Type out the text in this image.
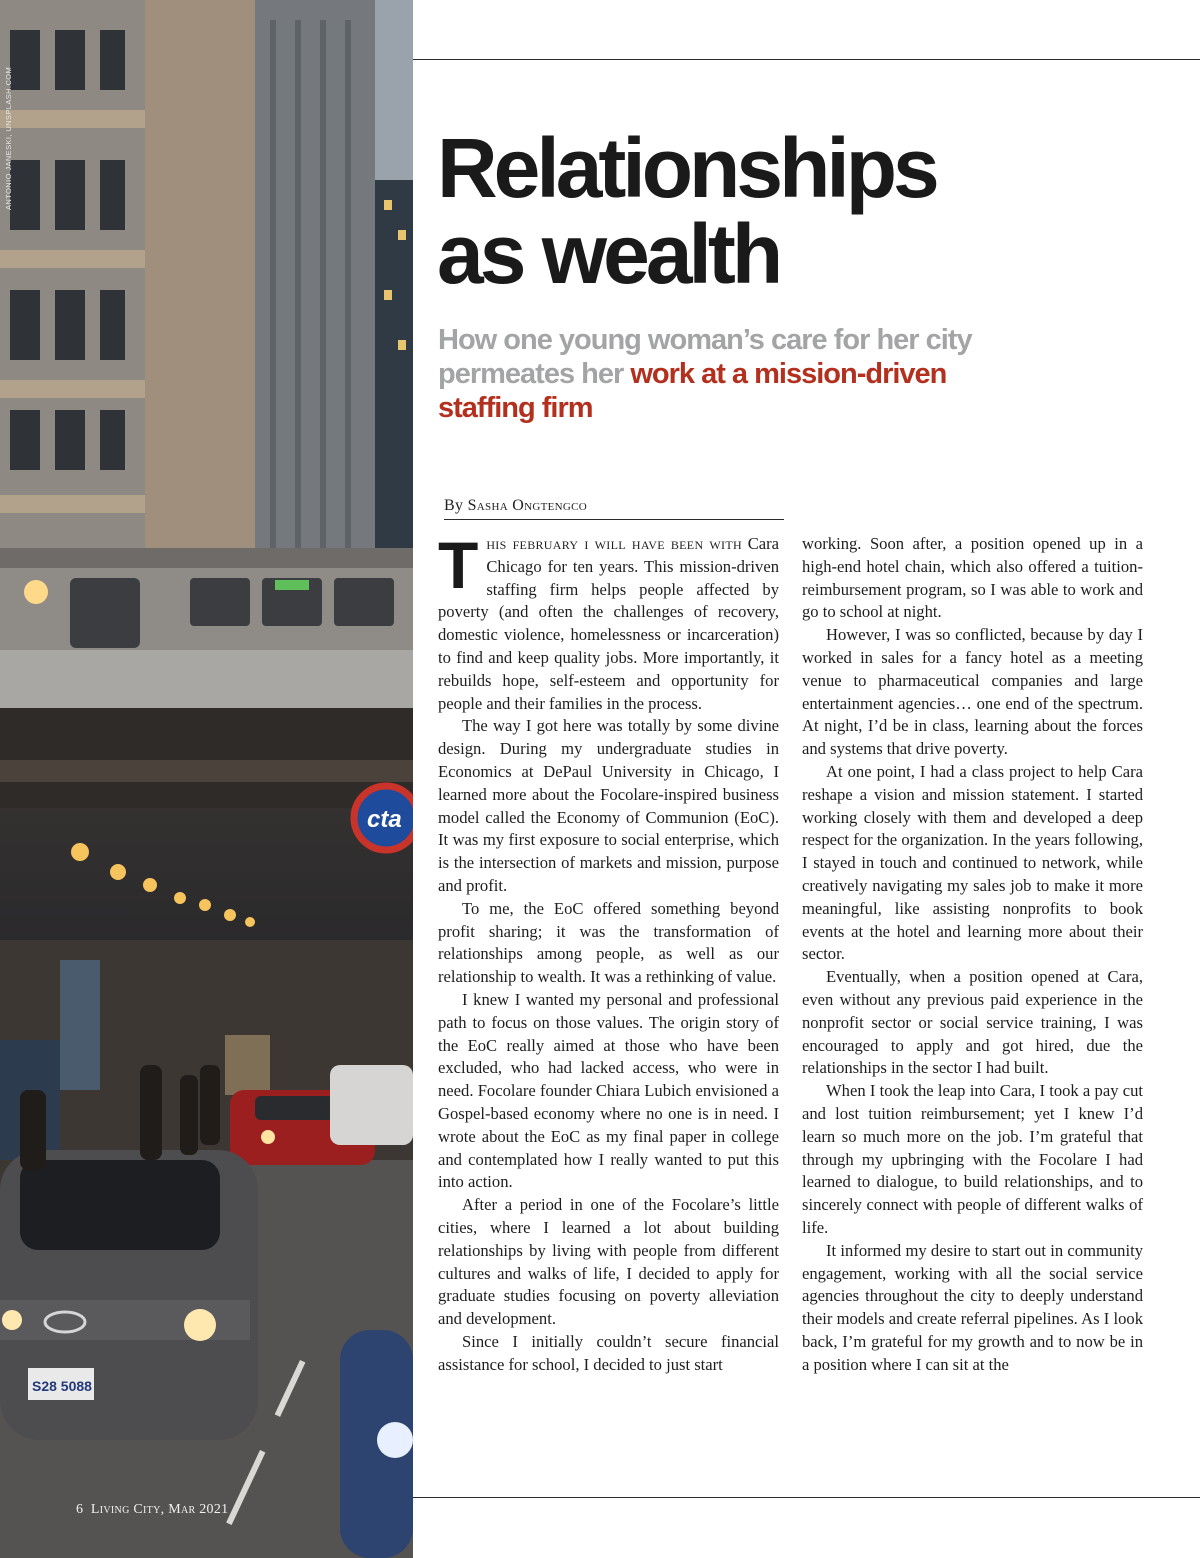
cta
S28 5088
ANTONIO JANESKI, UNSPLASH.COM	Relationships
as wealth
How one young woman’s care for her city permeates her work at a mission-driven staffing firm
By Sasha Ongtengco

T his february i will have been with Cara Chicago for ten years. This mission-driven staffing firm helps people affected by poverty (and often the challenges of recovery, domestic violence, homelessness or incarceration) to find and keep quality jobs. More importantly, it rebuilds hope, self-esteem and opportunity for people and their families in the process.

The way I got here was totally by some divine design. During my undergraduate studies in Economics at DePaul University in Chicago, I learned more about the Focolare-inspired business model called the Economy of Communion (EoC). It was my first exposure to social enterprise, which is the intersection of markets and mission, purpose and profit.

To me, the EoC offered something beyond profit sharing; it was the transformation of relationships among people, as well as our relationship to wealth. It was a rethinking of value.

I knew I wanted my personal and professional path to focus on those values. The origin story of the EoC really aimed at those who have been excluded, who had lacked access, who were in need. Focolare founder Chiara Lubich envisioned a Gospel-based economy where no one is in need. I wrote about the EoC as my final paper in college and contemplated how I really wanted to put this into action.

After a period in one of the Focolare’s little cities, where I learned a lot about building relationships by living with people from different cultures and walks of life, I decided to apply for graduate studies focusing on poverty alleviation and development.

Since I initially couldn’t secure financial assistance for school, I decided to just start

working. Soon after, a position opened up in a high-end hotel chain, which also offered a tuition-reimbursement program, so I was able to work and go to school at night.

However, I was so conflicted, because by day I worked in sales for a fancy hotel as a meeting venue to pharmaceutical companies and large entertainment agencies… one end of the spectrum. At night, I’d be in class, learning about the forces and systems that drive poverty.

At one point, I had a class project to help Cara reshape a vision and mission statement. I started working closely with them and developed a deep respect for the organization. In the years following, I stayed in touch and continued to network, while creatively navigating my sales job to make it more meaningful, like assisting nonprofits to book events at the hotel and learning more about their sector.

Eventually, when a position opened at Cara, even without any previous paid experience in the nonprofit sector or social service training, I was encouraged to apply and got hired, due the relationships in the sector I had built.

When I took the leap into Cara, I took a pay cut and lost tuition reimbursement; yet I knew I’d learn so much more on the job. I’m grateful that through my upbringing with the Focolare I had learned to dialogue, to build relationships, and to sincerely connect with people of different walks of life.

It informed my desire to start out in community engagement, working with all the social service agencies throughout the city to deeply understand their models and create referral pipelines. As I look back, I’m grateful for my growth and to now be in a position where I can sit at the

6 Living City, Mar 2021
